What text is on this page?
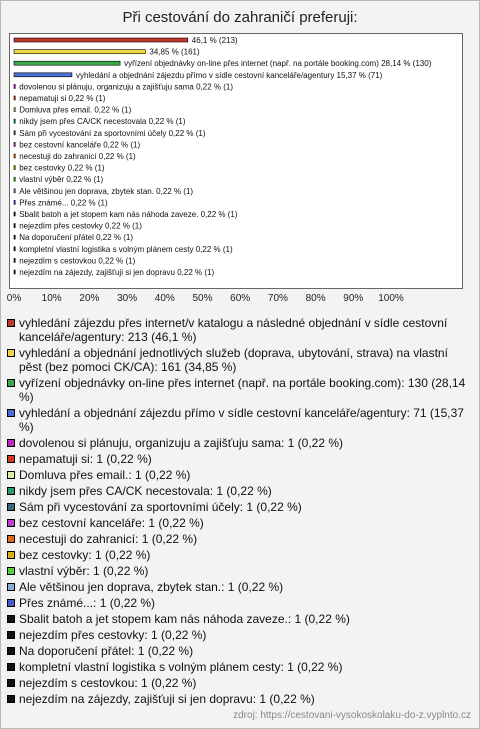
Při cestování do zahraničí preferuji:
46,1 % (213)
34,85 % (161)
vyřízení objednávky on-line přes internet (např. na portále booking.com) 28,14 % (130)
vyhledání a objednání zájezdu přímo v sídle cestovní kanceláře/agentury 15,37 % (71)
dovolenou si plánuju, organizuju a zajišťuju sama 0,22 % (1)
nepamatuji si 0,22 % (1)
Domluva přes email. 0,22 % (1)
nikdy jsem přes CA/CK necestovala 0,22 % (1)
Sám při vycestování za sportovními účely 0,22 % (1)
bez cestovní kanceláře 0,22 % (1)
necestuji do zahranicí 0,22 % (1)
bez cestovky 0,22 % (1)
vlastní výběr 0,22 % (1)
Ale většinou jen doprava, zbytek stan. 0,22 % (1)
Přes známé... 0,22 % (1)
Sbalit batoh a jet stopem kam nás náhoda zaveze. 0,22 % (1)
nejezdím přes cestovky 0,22 % (1)
Na doporučení přátel 0,22 % (1)
kompletní vlastní logistika s volným plánem cesty 0,22 % (1)
nejezdím s cestovkou 0,22 % (1)
nejezdím na zájezdy, zajišťuji si jen dopravu 0,22 % (1)
0% 10% 20% 30% 40% 50% 60% 70% 80% 90% 100%
vyhledání zájezdu přes internet/v katalogu a následné objednání v sídle cestovní kanceláře/agentury: 213 (46,1 %)
vyhledání a objednání jednotlivých služeb (doprava, ubytování, strava) na vlastní pěst (bez pomoci CK/CA): 161 (34,85 %)
vyřízení objednávky on-line přes internet (např. na portále booking.com): 130 (28,14 %)
vyhledání a objednání zájezdu přímo v sídle cestovní kanceláře/agentury: 71 (15,37 %)
dovolenou si plánuju, organizuju a zajišťuju sama: 1 (0,22 %)
nepamatuji si: 1 (0,22 %)
Domluva přes email.: 1 (0,22 %)
nikdy jsem přes CA/CK necestovala: 1 (0,22 %)
Sám při vycestování za sportovními účely: 1 (0,22 %)
bez cestovní kanceláře: 1 (0,22 %)
necestuji do zahranicí: 1 (0,22 %)
bez cestovky: 1 (0,22 %)
vlastní výběr: 1 (0,22 %)
Ale většinou jen doprava, zbytek stan.: 1 (0,22 %)
Přes známé...: 1 (0,22 %)
Sbalit batoh a jet stopem kam nás náhoda zaveze.: 1 (0,22 %)
nejezdím přes cestovky: 1 (0,22 %)
Na doporučení přátel: 1 (0,22 %)
kompletní vlastní logistika s volným plánem cesty: 1 (0,22 %)
nejezdím s cestovkou: 1 (0,22 %)
nejezdím na zájezdy, zajišťuji si jen dopravu: 1 (0,22 %)
zdroj: https://cestovani-vysokoskolaku-do-z.vyplnto.cz
